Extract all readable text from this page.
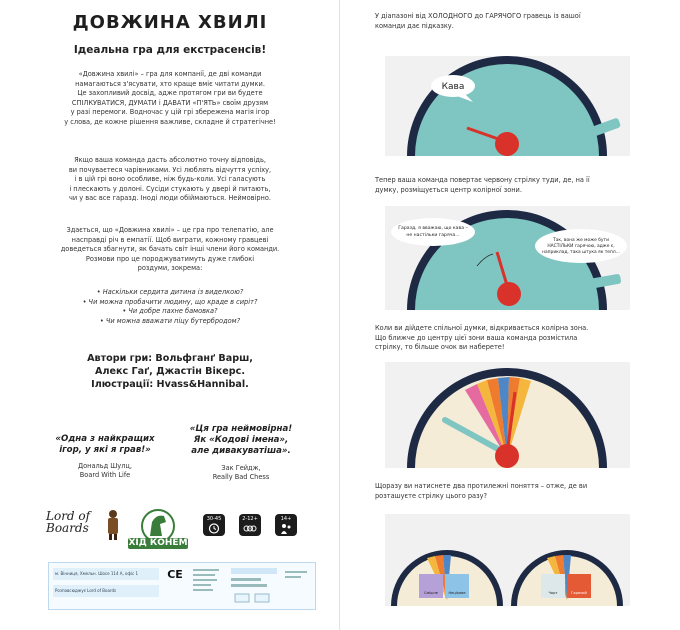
ДОВЖИНА ХВИЛІ
Ідеальна гра для екстрасенсів!
«Довжина хвилі» – гра для компанії, де дві команди
намагаються з'ясувати, хто краще вміє читати думки.
Це захопливий досвід, адже протягом гри ви будете
СПІЛКУВАТИСЯ, ДУМАТИ і ДАВАТИ «П'ЯТЬ» своїм друзям
у разі перемоги. Водночас у цій грі збережена магія ігор
у слова, де кожне рішення важливе, складне й стратегічне!
Якщо ваша команда дасть абсолютно точну відповідь,
ви почуваєтеся чарівниками. Усі люблять відчуття успіху,
і в цій грі воно особливе, ніж будь-коли. Усі галасують
і плескають у долоні. Сусіди стукають у двері й питають,
чи у вас все гаразд. Іноді люди обіймаються. Неймовірно.
Здається, що «Довжина хвилі» – це гра про телепатію, але
насправді річ в емпатії. Щоб виграти, кожному гравцеві
доведеться збагнути, як бачать світ інші члени його команди.
Розмови про це породжуватимуть дуже глибокі
роздуми, зокрема:
• Наскільки сердита дитина із виделкою?
• Чи можна пробачити людину, що краде в сиріт?
• Чи добре пахне бамовка?
• Чи можна вважати піцу бутербродом?
Автори гри: Вольфганґ Варш,
Алекс Гаґ, Джастін Вікерс.
Ілюстрації: Hvass&Hannibal.
«Одна з найкращих
ігор, у які я грав!»
Дональд Шулц,
Board With Life
«Ця гра неймовірна!
Як «Кодові імена»,
але дивакуватіша».
Зак Гейдж,
Really Bad Chess
Lord of
Boards
ХІД КОНЕМ
30-45	2-12+	14+
м. Вінниця, Хмельн. Шосе 114 А, офіс 1
Розповсюджує Lord of Boards
CE
У діапазоні від ХОЛОДНОГО до ГАРЯЧОГО гравець із вашої
команди дає підказку.
Кава
Тепер ваша команда повертає червону стрілку туди, де, на її
думку, розміщується центр колірної зони.
Гаразд, я вважаю, що кава –
не настільки гаряча...
Так, вона же може бути
НАСТІЛЬКИ гарячою, адже є,
наприклад, така штука як тепл...
Коли ви дійдете спільної думки, відкривається колірна зона.
Що ближче до центру цієї зони ваша команда розмістила
стрілку, то більше очок ви наберете!
Щоразу ви натиснете два протилежні поняття – отже, де ви
розташуєте стрілку цього разу?
Смішне	Нецікаве	Чорт	Гарячий
